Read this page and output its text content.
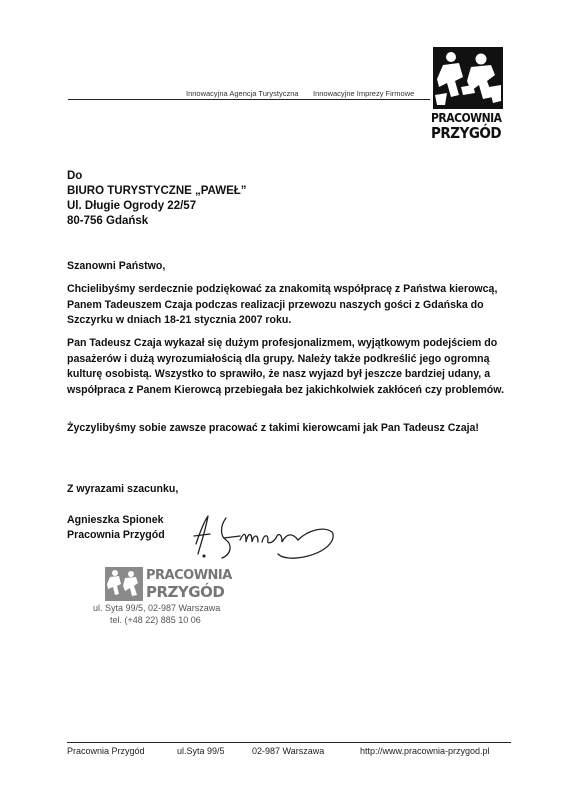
Innowacyjna Agencja Turystyczna Innowacyjne Imprezy Firmowe
PRACOWNIA
PRZYGÓD
Do
BIURO TURYSTYCZNE „PAWEŁ”
Ul. Długie Ogrody 22/57
80-756 Gdańsk
Szanowni Państwo,

Chcielibyśmy serdecznie podziękować za znakomitą współpracę z Państwa kierowcą, Panem Tadeuszem Czaja podczas realizacji przewozu naszych gości z Gdańska do Szczyrku w dniach 18-21 stycznia 2007 roku.

Pan Tadeusz Czaja wykazał się dużym profesjonalizmem, wyjątkowym podejściem do pasażerów i dużą wyrozumiałością dla grupy. Należy także podkreślić jego ogromną kulturę osobistą. Wszystko to sprawiło, że nasz wyjazd był jeszcze bardziej udany, a współpraca z Panem Kierowcą przebiegała bez jakichkolwiek zakłóceń czy problemów.

Życzylibyśmy sobie zawsze pracować z takimi kierowcami jak Pan Tadeusz Czaja!

Z wyrazami szacunku,
Agnieszka Spionek
Pracownia Przygód
PRACOWNIA
PRZYGÓD
ul. Syta 99/5, 02-987 Warszawa
tel. (+48 22) 885 10 06
Pracownia Przygód	ul.Syta 99/5	02-987 Warszawa	http://www.pracownia-przygod.pl
